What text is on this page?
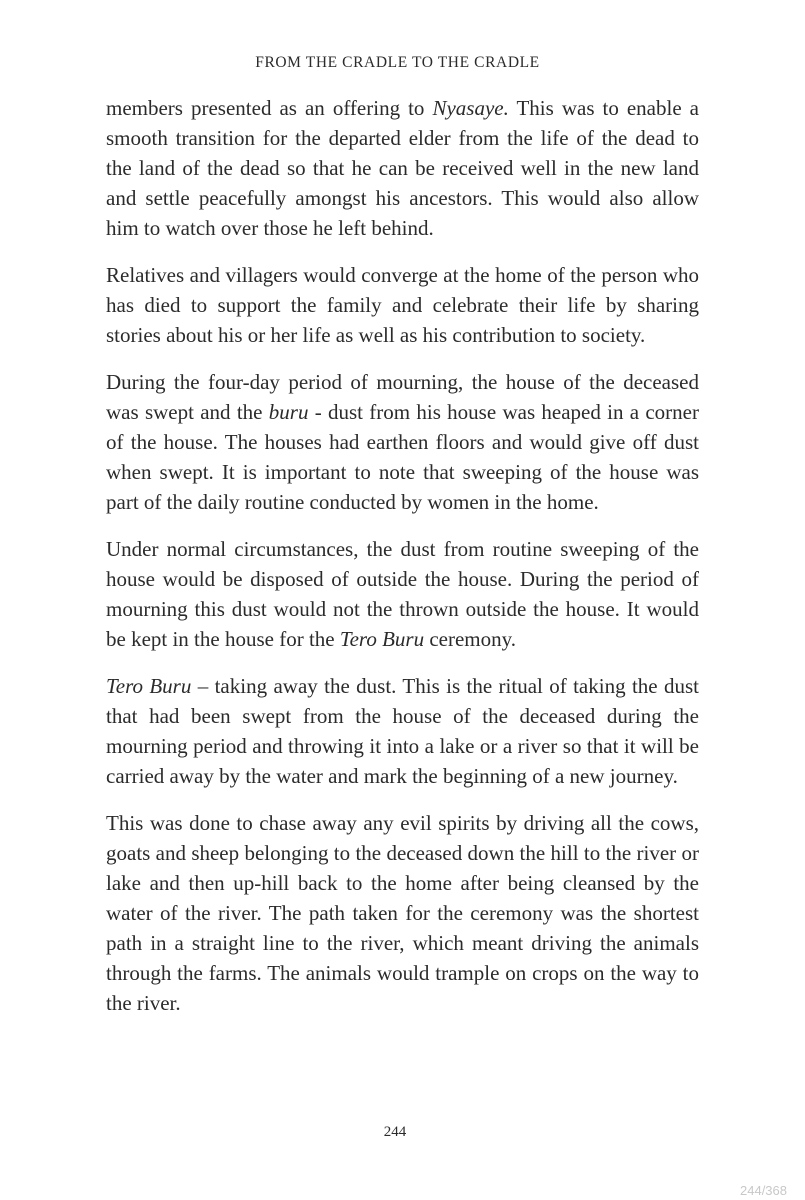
FROM THE CRADLE TO THE CRADLE

members presented as an offering to Nyasaye. This was to enable a smooth transition for the departed elder from the life of the dead to the land of the dead so that he can be received well in the new land and settle peacefully amongst his ancestors. This would also allow him to watch over those he left behind.

Relatives and villagers would converge at the home of the person who has died to support the family and celebrate their life by sharing stories about his or her life as well as his contribution to society.

During the four-day period of mourning, the house of the deceased was swept and the buru - dust from his house was heaped in a corner of the house. The houses had earthen floors and would give off dust when swept. It is important to note that sweeping of the house was part of the daily routine conducted by women in the home.

Under normal circumstances, the dust from routine sweeping of the house would be disposed of outside the house. During the period of mourning this dust would not the thrown outside the house. It would be kept in the house for the Tero Buru ceremony.

Tero Buru – taking away the dust. This is the ritual of taking the dust that had been swept from the house of the deceased during the mourning period and throwing it into a lake or a river so that it will be carried away by the water and mark the beginning of a new journey.

This was done to chase away any evil spirits by driving all the cows, goats and sheep belonging to the deceased down the hill to the river or lake and then up-hill back to the home after being cleansed by the water of the river. The path taken for the ceremony was the shortest path in a straight line to the river, which meant driving the animals through the farms. The animals would trample on crops on the way to the river.

244
244/368
